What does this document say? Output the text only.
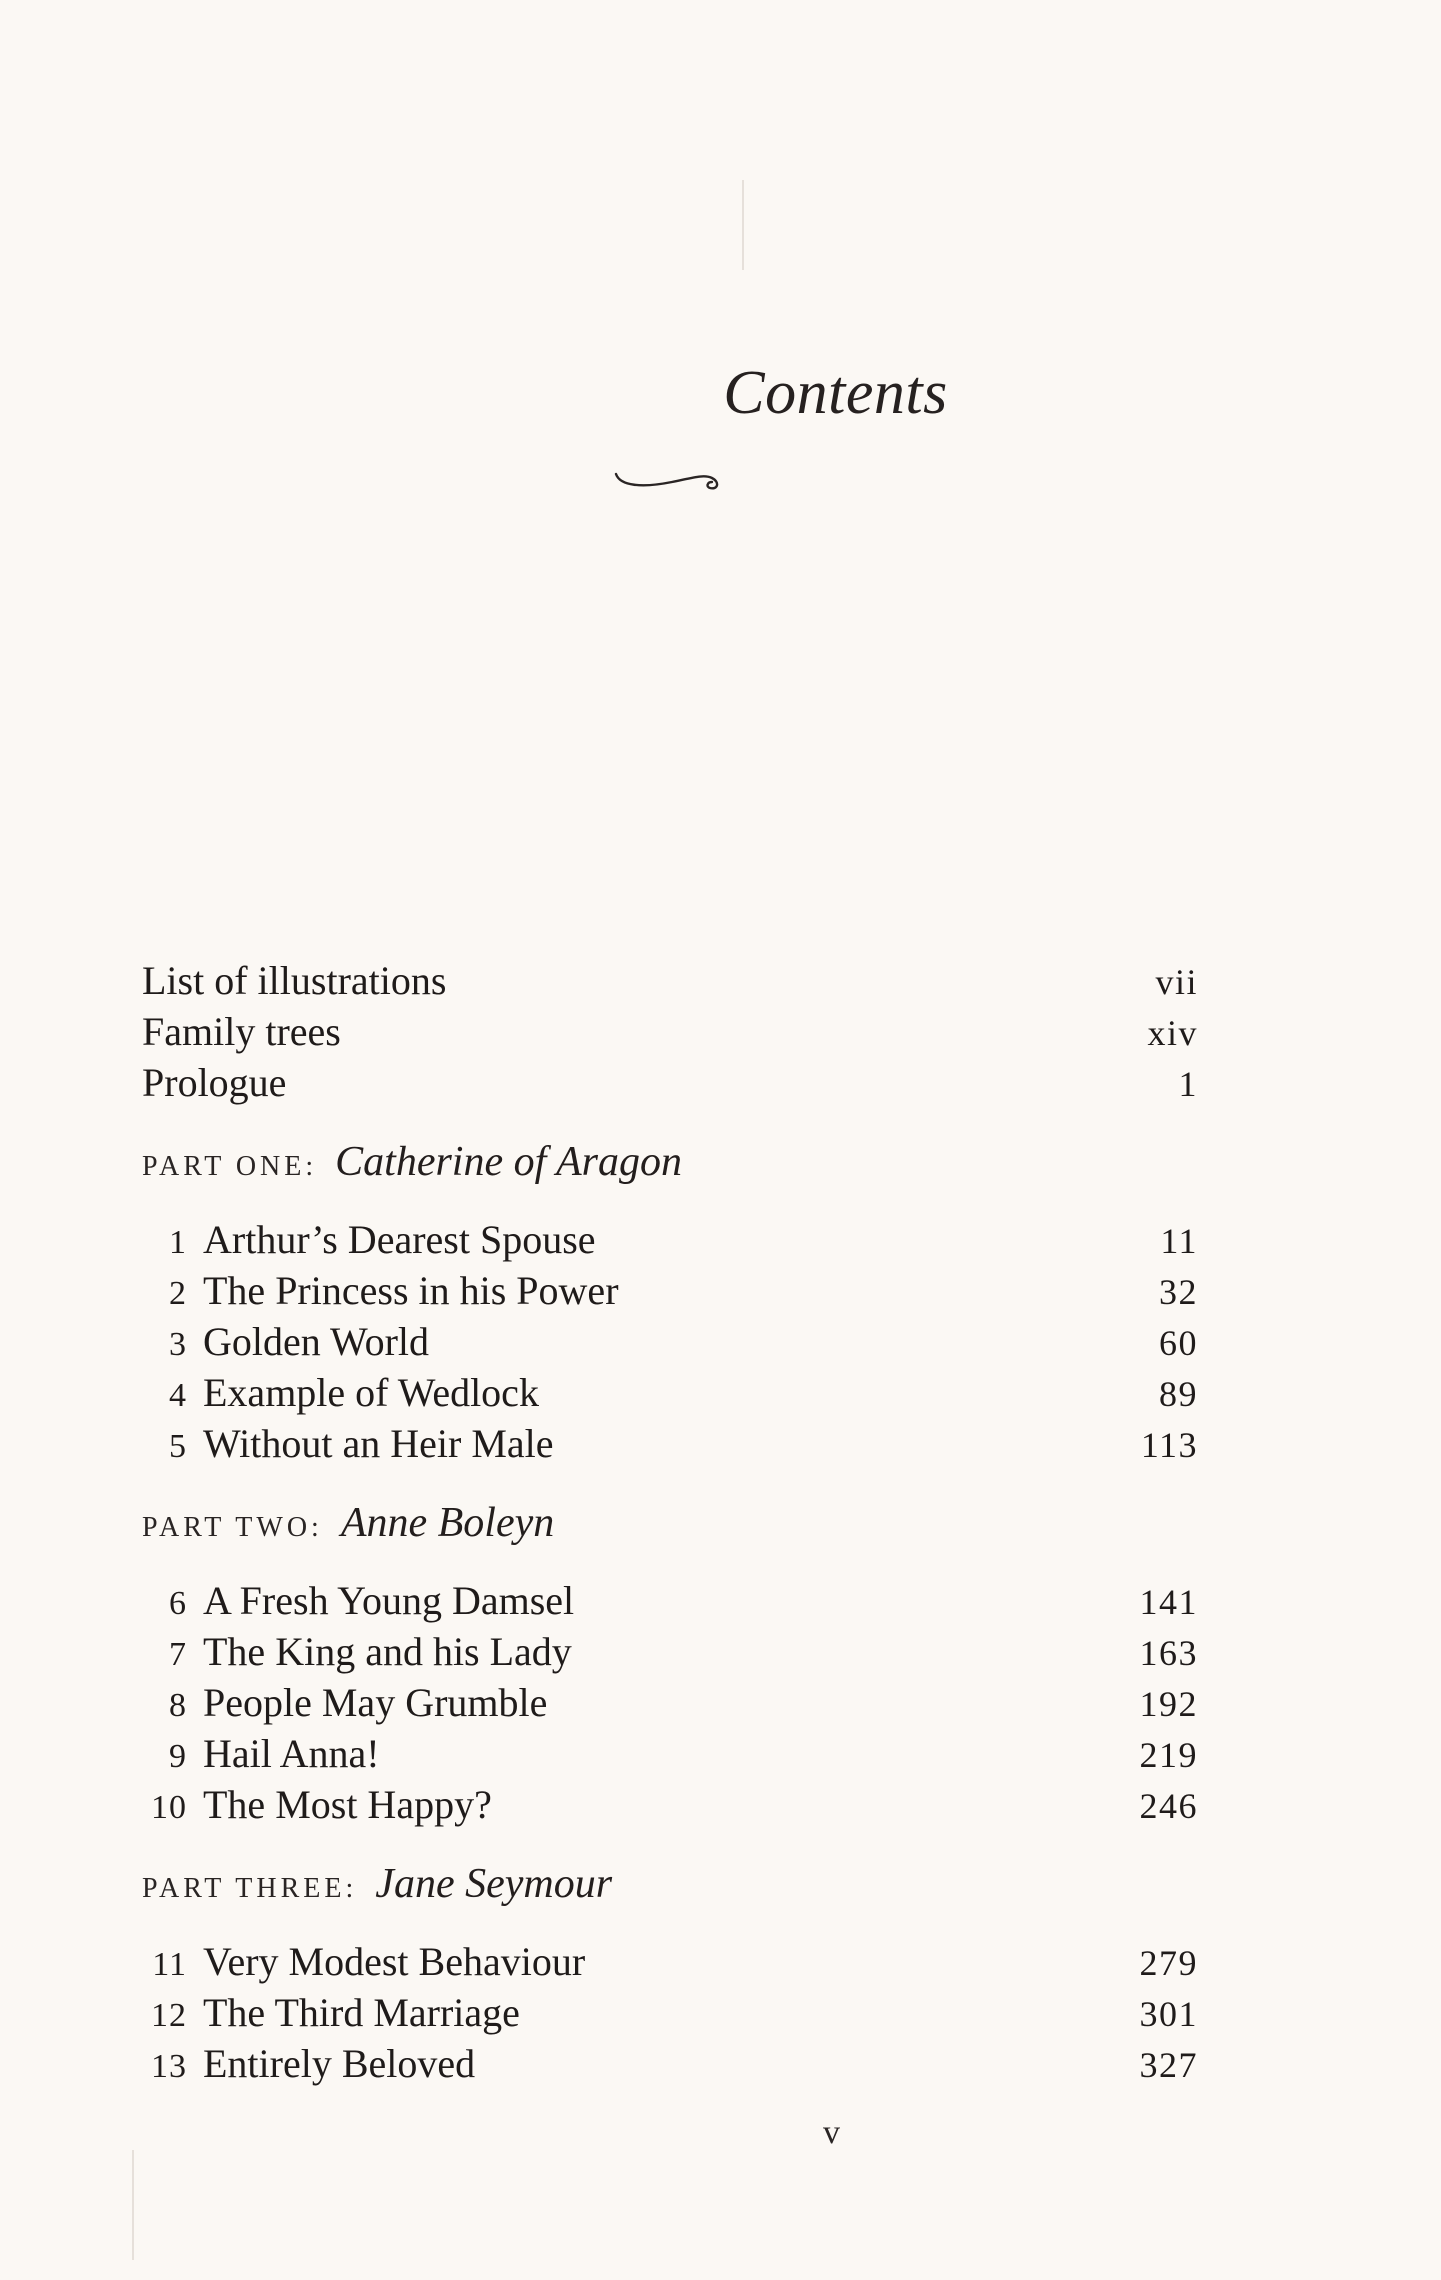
Contents
List of illustrations	vii
Family trees	xiv
Prologue	1
PART ONE: Catherine of Aragon
1 Arthur’s Dearest Spouse	11
2 The Princess in his Power	32
3 Golden World	60
4 Example of Wedlock	89
5 Without an Heir Male	113
PART TWO: Anne Boleyn
6 A Fresh Young Damsel	141
7 The King and his Lady	163
8 People May Grumble	192
9 Hail Anna!	219
10 The Most Happy?	246
PART THREE: Jane Seymour
11 Very Modest Behaviour	279
12 The Third Marriage	301
13 Entirely Beloved	327
v
